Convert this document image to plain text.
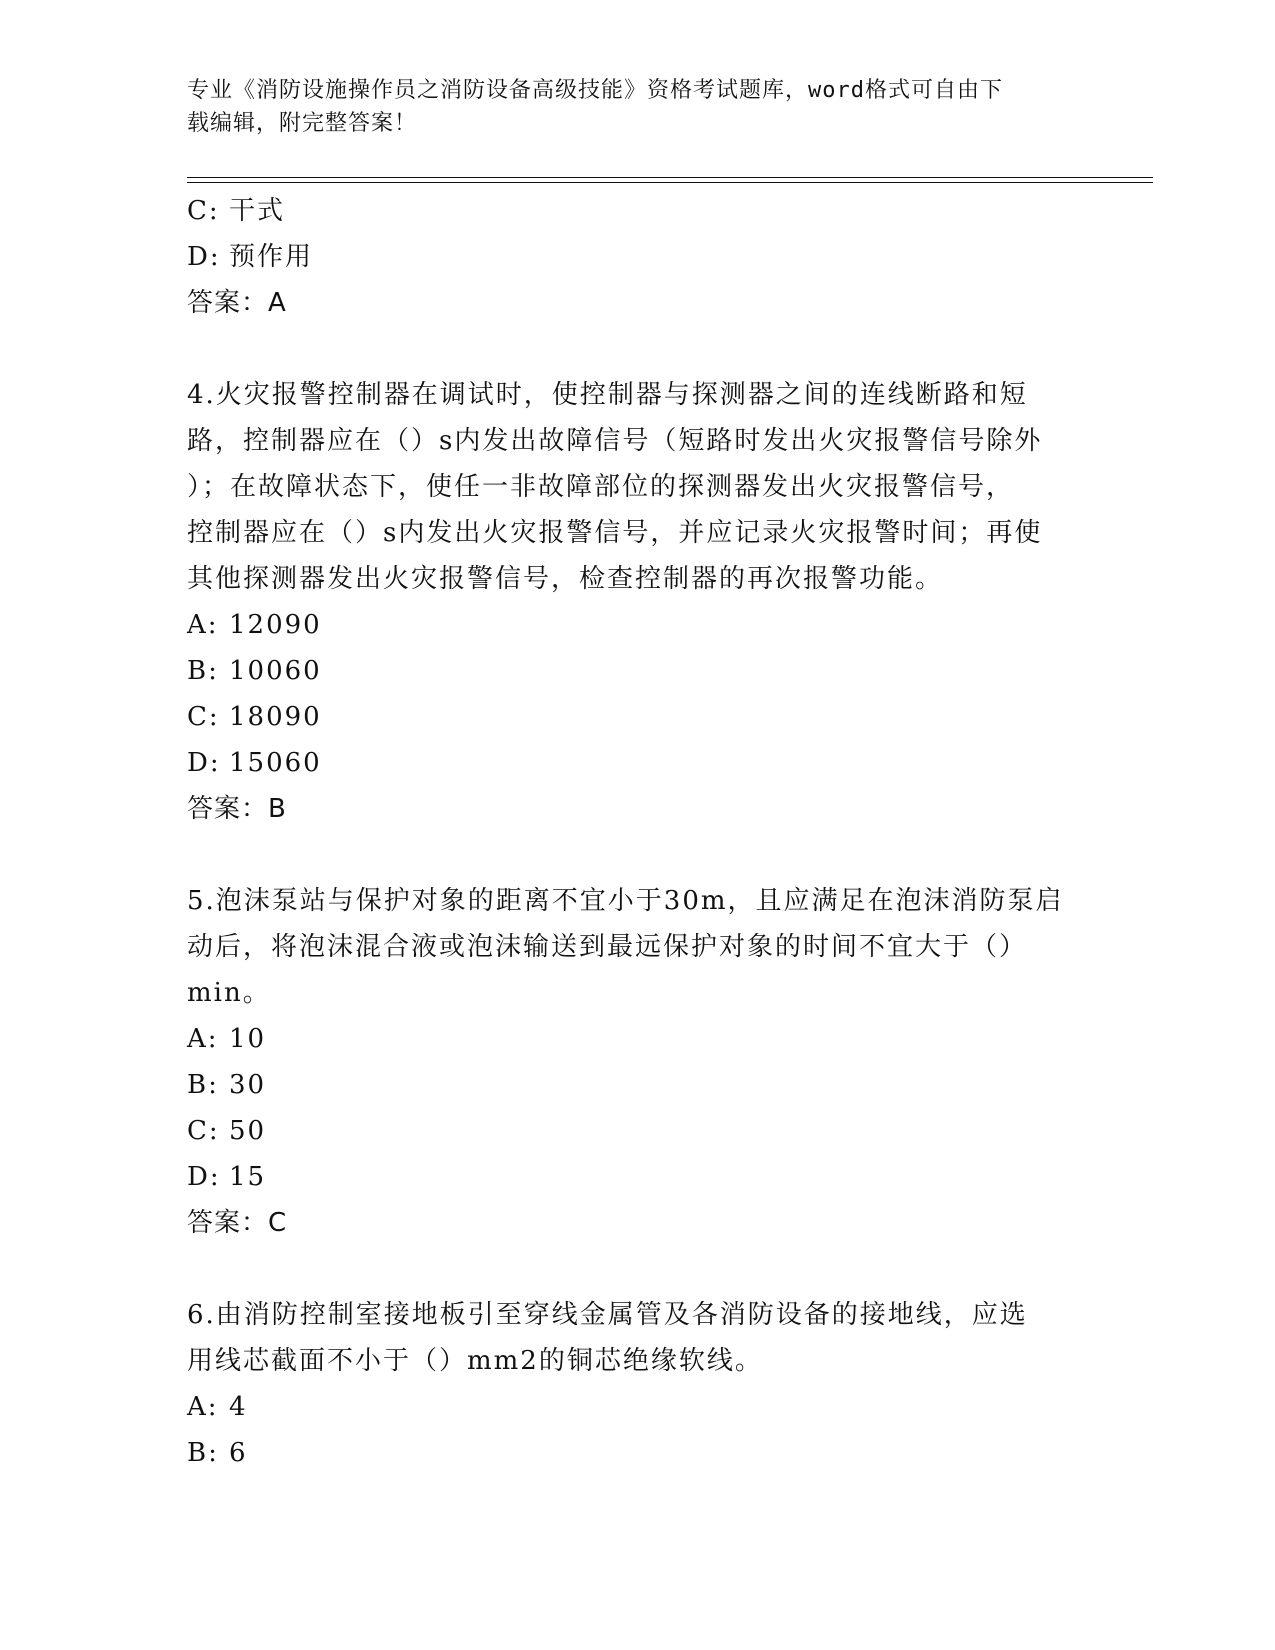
专业《消防设施操作员之消防设备高级技能》资格考试题库，word格式可自由下
载编辑，附完整答案！
C: 干式
D: 预作用
答案：A
4.火灾报警控制器在调试时，使控制器与探测器之间的连线断路和短
路，控制器应在（）s内发出故障信号（短路时发出火灾报警信号除外
）；在故障状态下，使任一非故障部位的探测器发出火灾报警信号，
控制器应在（）s内发出火灾报警信号，并应记录火灾报警时间；再使
其他探测器发出火灾报警信号，检查控制器的再次报警功能。
A: 12090
B: 10060
C: 18090
D: 15060
答案：B
5.泡沫泵站与保护对象的距离不宜小于30m，且应满足在泡沫消防泵启
动后，将泡沫混合液或泡沫输送到最远保护对象的时间不宜大于（）
min。
A: 10
B: 30
C: 50
D: 15
答案：C
6.由消防控制室接地板引至穿线金属管及各消防设备的接地线，应选
用线芯截面不小于（）mm2的铜芯绝缘软线。
A: 4
B: 6
